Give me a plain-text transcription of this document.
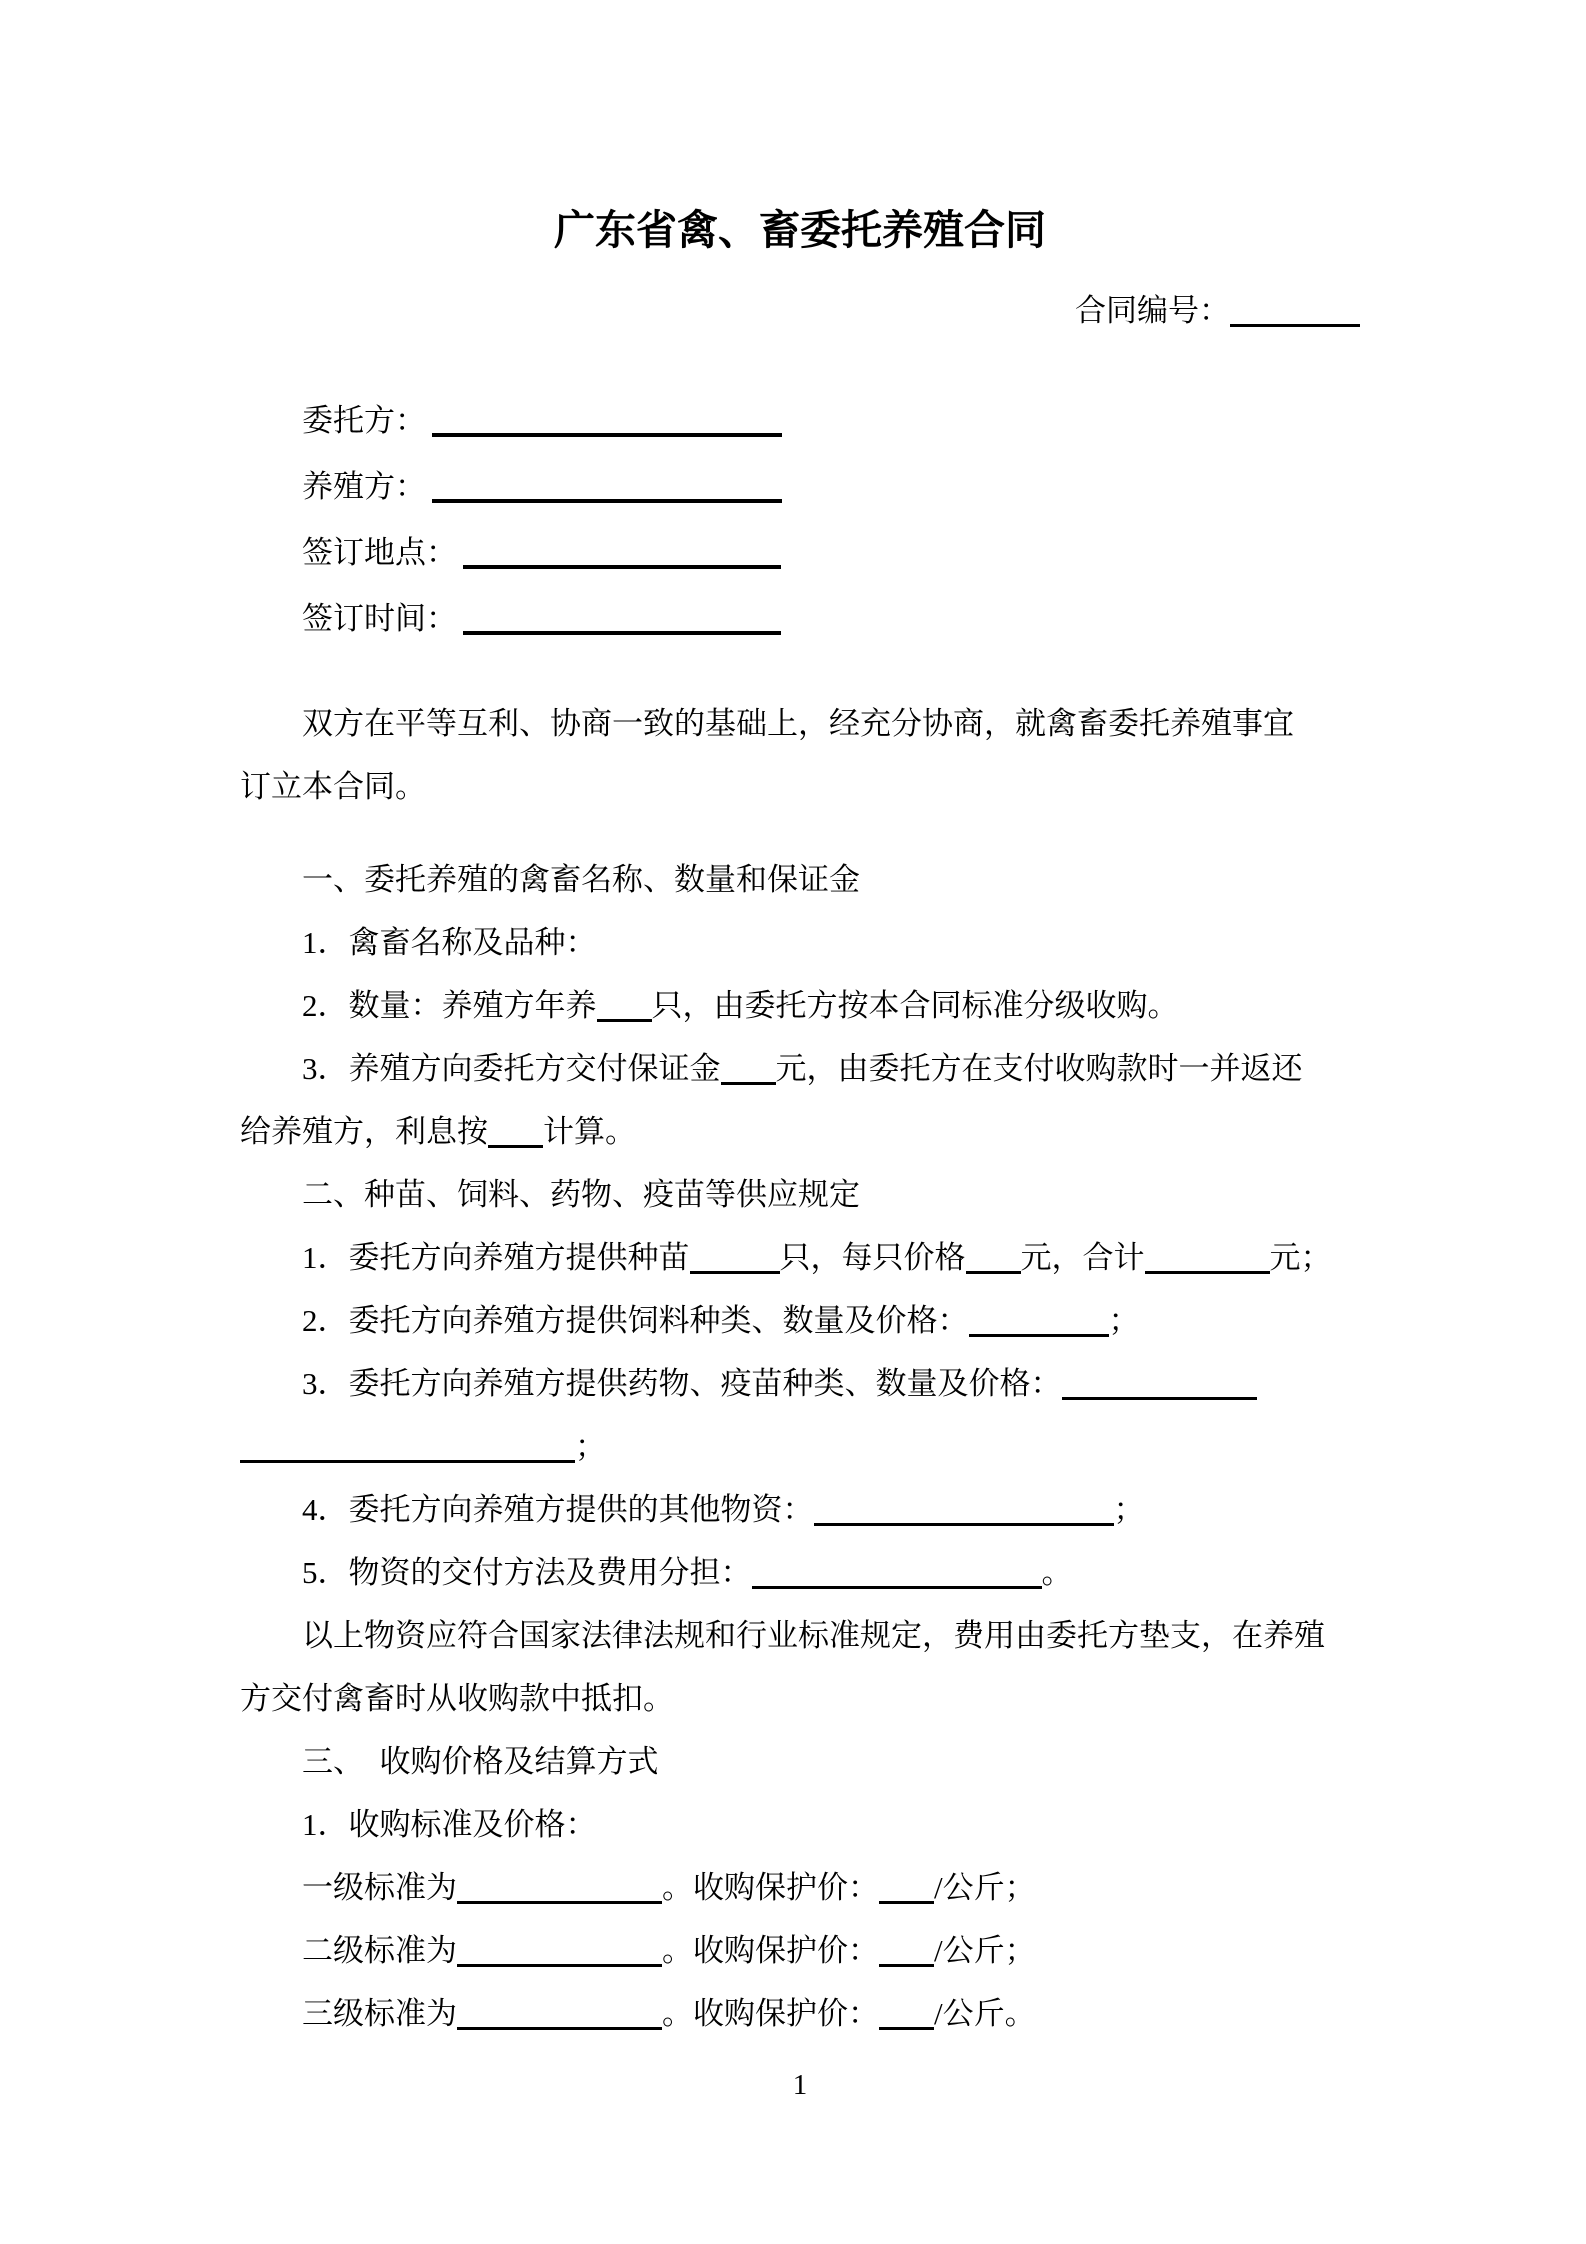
广东省禽、畜委托养殖合同
合同编号：
委托方：
养殖方：
签订地点：
签订时间：
双方在平等互利、协商一致的基础上，经充分协商，就禽畜委托养殖事宜
订立本合同。
一、委托养殖的禽畜名称、数量和保证金
1．禽畜名称及品种：
2．数量：养殖方年养 只，由委托方按本合同标准分级收购。
3．养殖方向委托方交付保证金 元，由委托方在支付收购款时一并返还
给养殖方，利息按 计算。
二、种苗、饲料、药物、疫苗等供应规定
1．委托方向养殖方提供种苗	只，每只价格 元，合计	元；
2．委托方向养殖方提供饲料种类、数量及价格：	；
3．委托方向养殖方提供药物、疫苗种类、数量及价格：
；
4．委托方向养殖方提供的其他物资：	；
5．物资的交付方法及费用分担：	。
以上物资应符合国家法律法规和行业标准规定，费用由委托方垫支，在养殖
方交付禽畜时从收购款中抵扣。
三、　收购价格及结算方式
1．收购标准及价格：
一级标准为	。收购保护价： /公斤；
二级标准为	。收购保护价： /公斤；
三级标准为	。收购保护价： /公斤。
1
